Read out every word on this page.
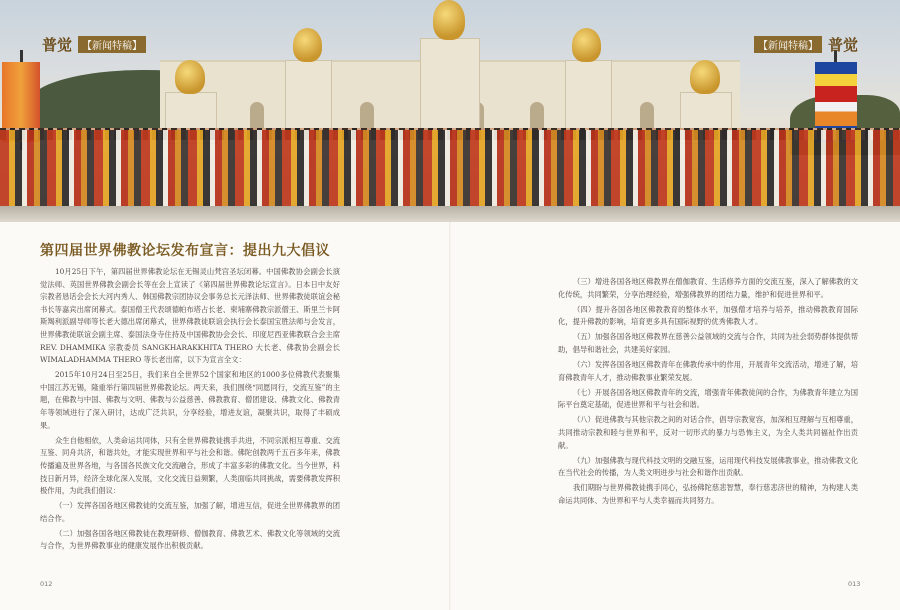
普觉	【新闻特稿】	【新闻特稿】 普觉
第四届世界佛教论坛发布宣言：提出九大倡议

10月25日下午，第四届世界佛教论坛在无锡灵山梵宫圣坛闭幕。中国佛教协会副会长演觉法师、英国世界佛教会副会长等在会上宣读了《第四届世界佛教论坛宣言》。日本日中友好宗教者恳话会会长大河内秀人、韩国佛教宗团协议会事务总长元泽法师、世界佛教徒联谊会秘书长等嘉宾出席闭幕式。泰国僧王代表颂德帕布塔占长老、柬埔寨佛教宗派僧王、斯里兰卡阿斯羯利派副导师等长老大德出席闭幕式，世界佛教徒联谊会执行会长泰国宝胜法师与会发言，世界佛教徒联谊会副主席、泰国法身寺住持及中国佛教协会会长、印度尼西亚佛教联合会主席 REV. DHAMMIKA 宗教委员 SANGKHARAKKHITA THERO 大长老、佛教协会副会长 WIMALADHAMMA THERO 等长老出席，以下为宣言全文：

2015年10月24日至25日，我们来自全世界52个国家和地区的1000多位佛教代表聚集中国江苏无锡，隆重举行第四届世界佛教论坛。两天来，我们围绕“同愿同行，交流互鉴”的主题，在佛教与中国、佛教与文明、佛教与公益慈善、佛教教育、僧团建设、佛教文化、佛教青年等领域进行了深入研讨，达成广泛共识，分享经验，增进友谊，凝聚共识，取得了丰硕成果。

众生自他相依，人类命运共同体，只有全世界佛教徒携手共进，不同宗派相互尊重、交流互鉴、同舟共济，和谐共处，才能实现世界和平与社会和谐。佛陀创教两千五百多年来，佛教传播遍及世界各地，与各国各民族文化交流融合，形成了丰富多彩的佛教文化。当今世界，科技日新月异，经济全球化深入发展，文化交流日益频繁，人类面临共同挑战，需要佛教发挥积极作用，为此我们倡议：

（一）发挥各国各地区佛教徒的交流互鉴，加强了解，增进互信，促进全世界佛教界的团结合作。

（二）加强各国各地区佛教徒在教理研修、僧伽教育、佛教艺术、佛教文化等领域的交流与合作，为世界佛教事业的健康发展作出积极贡献。

（三）增进各国各地区佛教界在僧伽教育、生活修养方面的交流互鉴，深入了解佛教的文化传统，共同繁荣，分享治理经验，增强佛教界的团结力量，维护和促进世界和平。

（四）提升各国各地区佛教教育的整体水平，加强僧才培养与培养，推动佛教教育国际化，提升佛教的影响，培育更多具有国际视野的优秀佛教人才。

（五）加强各国各地区佛教界在慈善公益领域的交流与合作，共同为社会弱势群体提供帮助，倡导和谐社会，共建美好家园。

（六）发挥各国各地区佛教青年在佛教传承中的作用，开展青年交流活动，增进了解，培育佛教青年人才，推动佛教事业繁荣发展。

（七）开展各国各地区佛教青年的交流，增强青年佛教徒间的合作，为佛教青年建立为国际平台奠定基础，促进世界和平与社会和谐。

（八）促进佛教与其他宗教之间的对话合作，倡导宗教宽容，加深相互理解与互相尊重，共同推动宗教和睦与世界和平，反对一切形式的暴力与恐怖主义，为全人类共同福祉作出贡献。

（九）加强佛教与现代科技文明的交融互鉴，运用现代科技发展佛教事业，推动佛教文化在当代社会的传播，为人类文明进步与社会和谐作出贡献。

我们期盼与世界佛教徒携手同心，弘扬佛陀慈悲智慧，奉行慈悲济世的精神，为构建人类命运共同体、为世界和平与人类幸福而共同努力。

012	013
